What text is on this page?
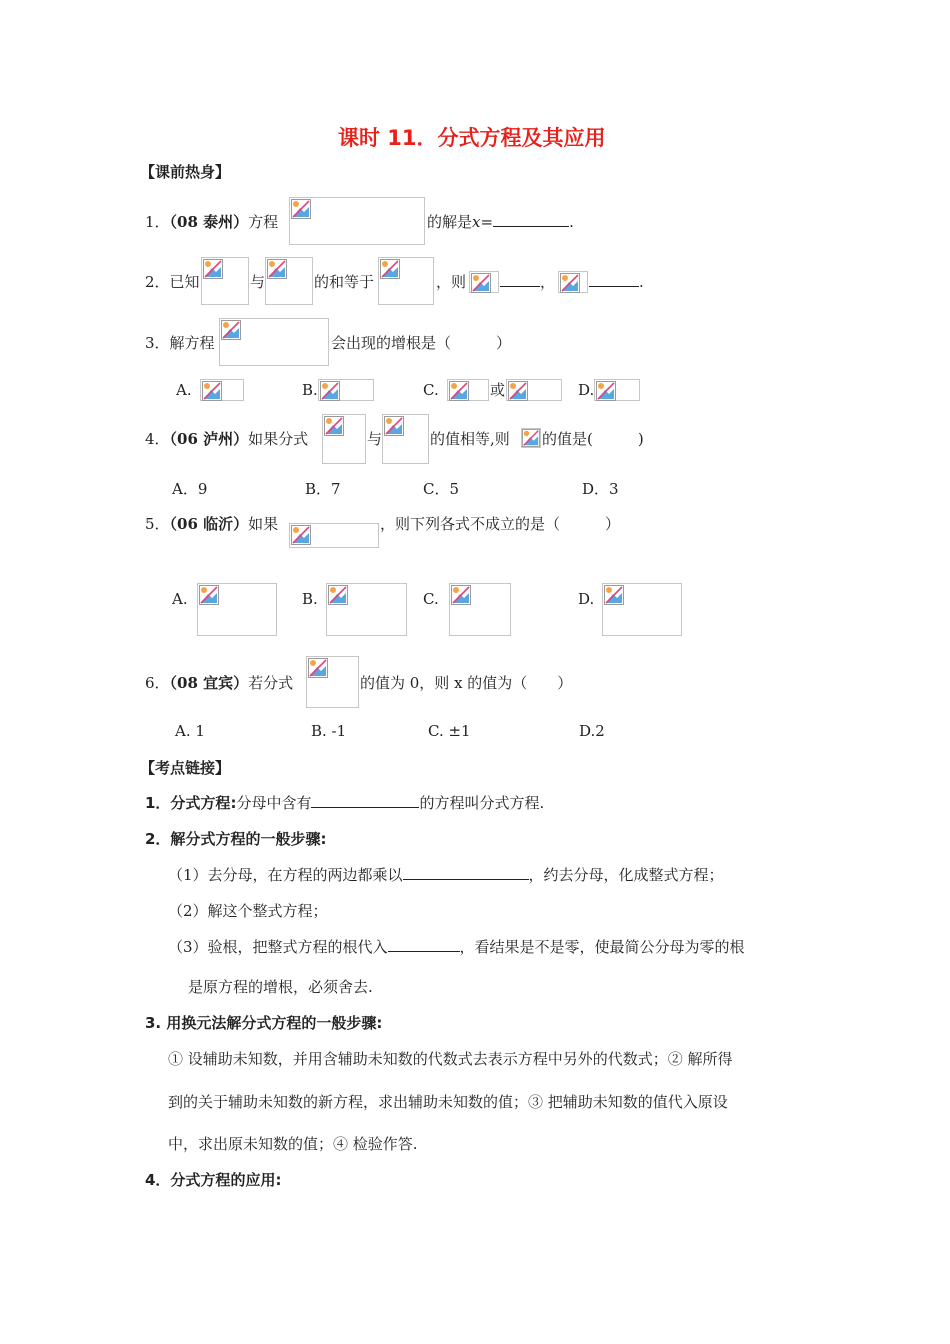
课时 11．分式方程及其应用
【课前热身】
1．（08 泰州）方程	的解是x=	.
2．已知	与	的和等于	，则	，	.
3．解方程	会出现的增根是（　　　）
A.	B.	C.	或	D.
4．（06 泸州）如果分式	与	的值相等,则 的值是(　　　)
A．9	B．7	C．5	D．3
5．（06 临沂）如果	，则下列各式不成立的是（　　　）
A.	B.	C.	D.
6．（08 宜宾）若分式	的值为 0，则 x 的值为（　　）
A. 1	B. -1	C. ±1	D.2
【考点链接】
1．分式方程:分母中含有	的方程叫分式方程.
2．解分式方程的一般步骤:
（1）去分母，在方程的两边都乘以	，约去分母，化成整式方程；
（2）解这个整式方程；
（3）验根，把整式方程的根代入	，看结果是不是零，使最简公分母为零的根
是原方程的增根，必须舍去.
3. 用换元法解分式方程的一般步骤:
① 设辅助未知数，并用含辅助未知数的代数式去表示方程中另外的代数式；② 解所得
到的关于辅助未知数的新方程，求出辅助未知数的值；③ 把辅助未知数的值代入原设
中，求出原未知数的值；④ 检验作答.
4．分式方程的应用:
